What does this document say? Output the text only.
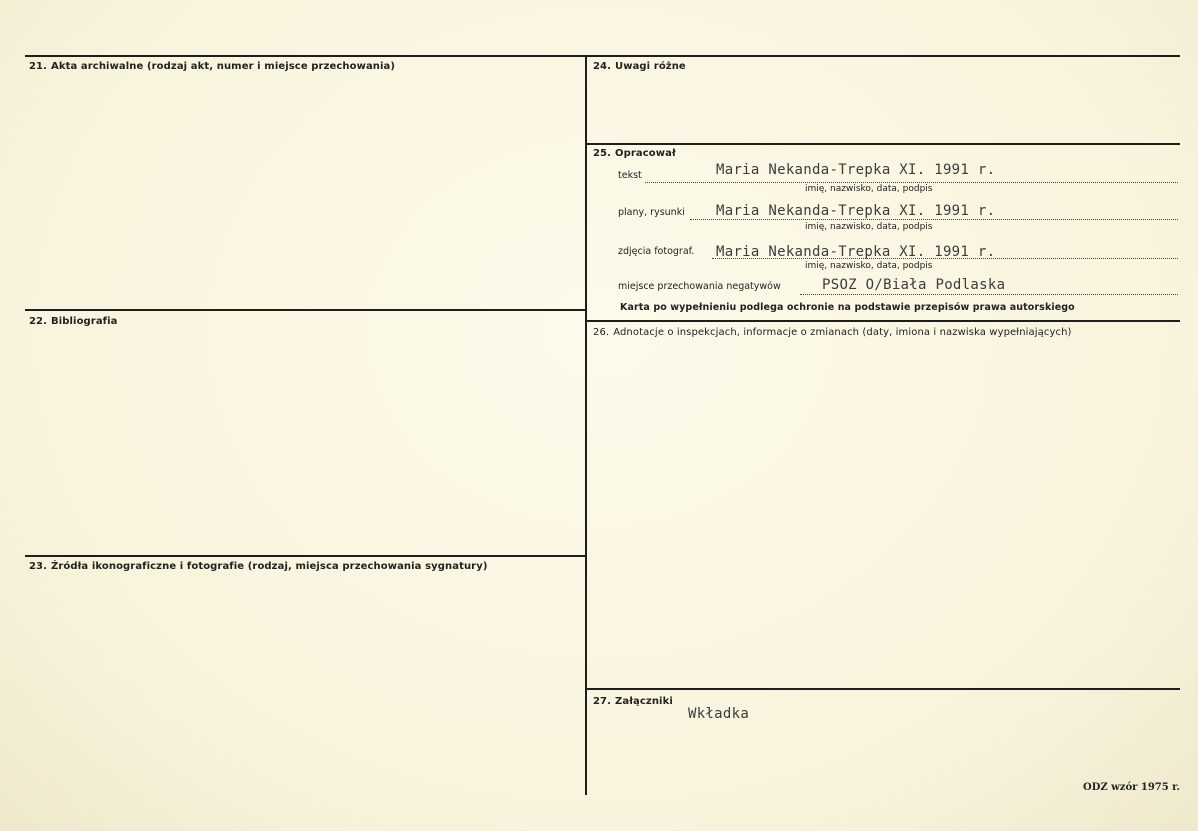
21. Akta archiwalne (rodzaj akt, numer i miejsce przechowania)
22. Bibliografia
23. Źródła ikonograficzne i fotografie (rodzaj, miejsca przechowania sygnatury)
24. Uwagi różne
25. Opracował
tekst	Maria Nekanda-Trepka XI. 1991 r.
imię, nazwisko, data, podpis
plany, rysunki Maria Nekanda-Trepka XI. 1991 r.
imię, nazwisko, data, podpis
zdjęcia fotograf. Maria Nekanda-Trepka XI. 1991 r.
imię, nazwisko, data, podpis
miejsce przechowania negatywów	PSOZ O/Biała Podlaska
Karta po wypełnieniu podlega ochronie na podstawie przepisów prawa autorskiego
26. Adnotacje o inspekcjach, informacje o zmianach (daty, imiona i nazwiska wypełniających)
27. Załączniki
Wkładka
ODZ wzór 1975 r.
